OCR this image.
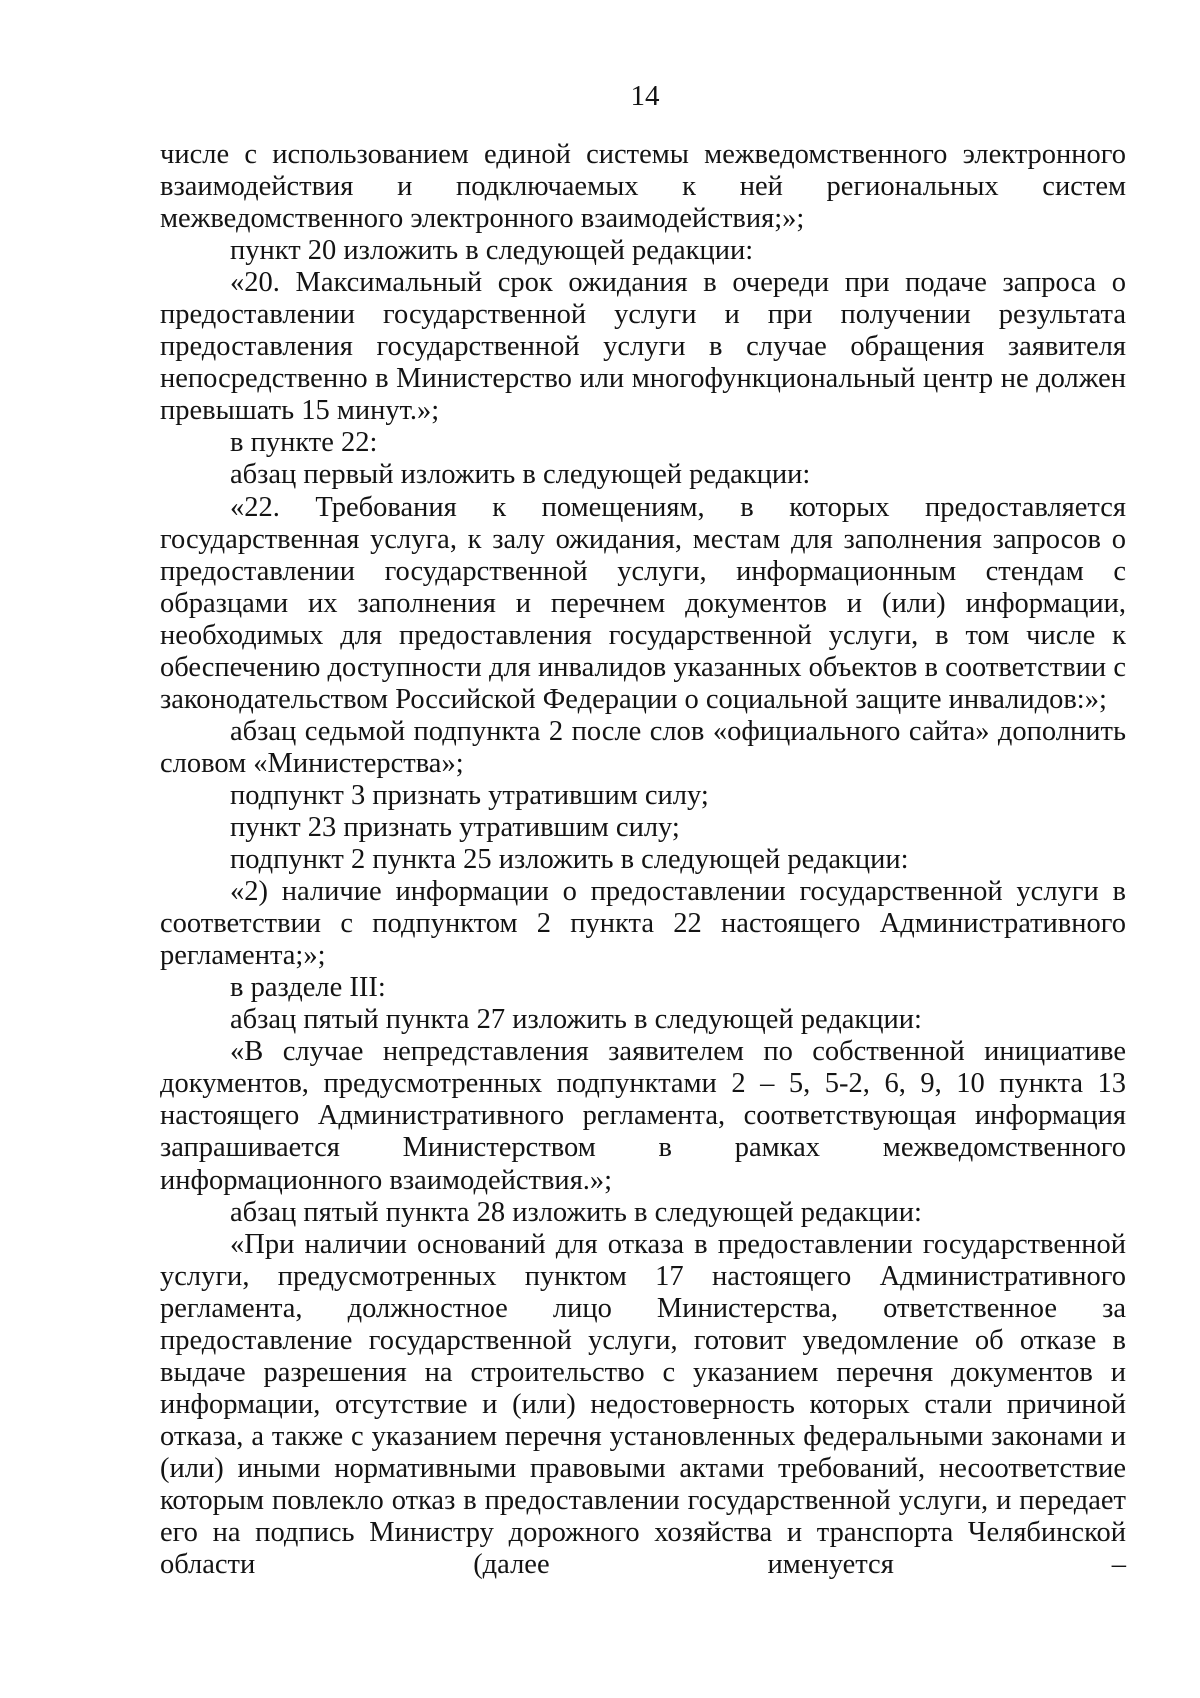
14

числе с использованием единой системы межведомственного электронного взаимодействия и подключаемых к ней региональных систем межведомственного электронного взаимодействия;»;

пункт 20 изложить в следующей редакции:

«20. Максимальный срок ожидания в очереди при подаче запроса о предоставлении государственной услуги и при получении результата предоставления государственной услуги в случае обращения заявителя непосредственно в Министерство или многофункциональный центр не должен превышать 15 минут.»;

в пункте 22:

абзац первый изложить в следующей редакции:

«22. Требования к помещениям, в которых предоставляется государственная услуга, к залу ожидания, местам для заполнения запросов о предоставлении государственной услуги, информационным стендам с образцами их заполнения и перечнем документов и (или) информации, необходимых для предоставления государственной услуги, в том числе к обеспечению доступности для инвалидов указанных объектов в соответствии с законодательством Российской Федерации о социальной защите инвалидов:»;

абзац седьмой подпункта 2 после слов «официального сайта» дополнить словом «Министерства»;

подпункт 3 признать утратившим силу;

пункт 23 признать утратившим силу;

подпункт 2 пункта 25 изложить в следующей редакции:

«2) наличие информации о предоставлении государственной услуги в соответствии с подпунктом 2 пункта 22 настоящего Административного регламента;»;

в разделе III:

абзац пятый пункта 27 изложить в следующей редакции:

«В случае непредставления заявителем по собственной инициативе документов, предусмотренных подпунктами 2 – 5, 5-2, 6, 9, 10 пункта 13 настоящего Административного регламента, соответствующая информация запрашивается Министерством в рамках межведомственного информационного взаимодействия.»;

абзац пятый пункта 28 изложить в следующей редакции:

«При наличии оснований для отказа в предоставлении государственной услуги, предусмотренных пунктом 17 настоящего Административного регламента, должностное лицо Министерства, ответственное за предоставление государственной услуги, готовит уведомление об отказе в выдаче разрешения на строительство с указанием перечня документов и информации, отсутствие и (или) недостоверность которых стали причиной отказа, а также с указанием перечня установленных федеральными законами и (или) иными нормативными правовыми актами требований, несоответствие которым повлекло отказ в предоставлении государственной услуги, и передает его на подпись Министру дорожного хозяйства и транспорта Челябинской области (далее именуется –
